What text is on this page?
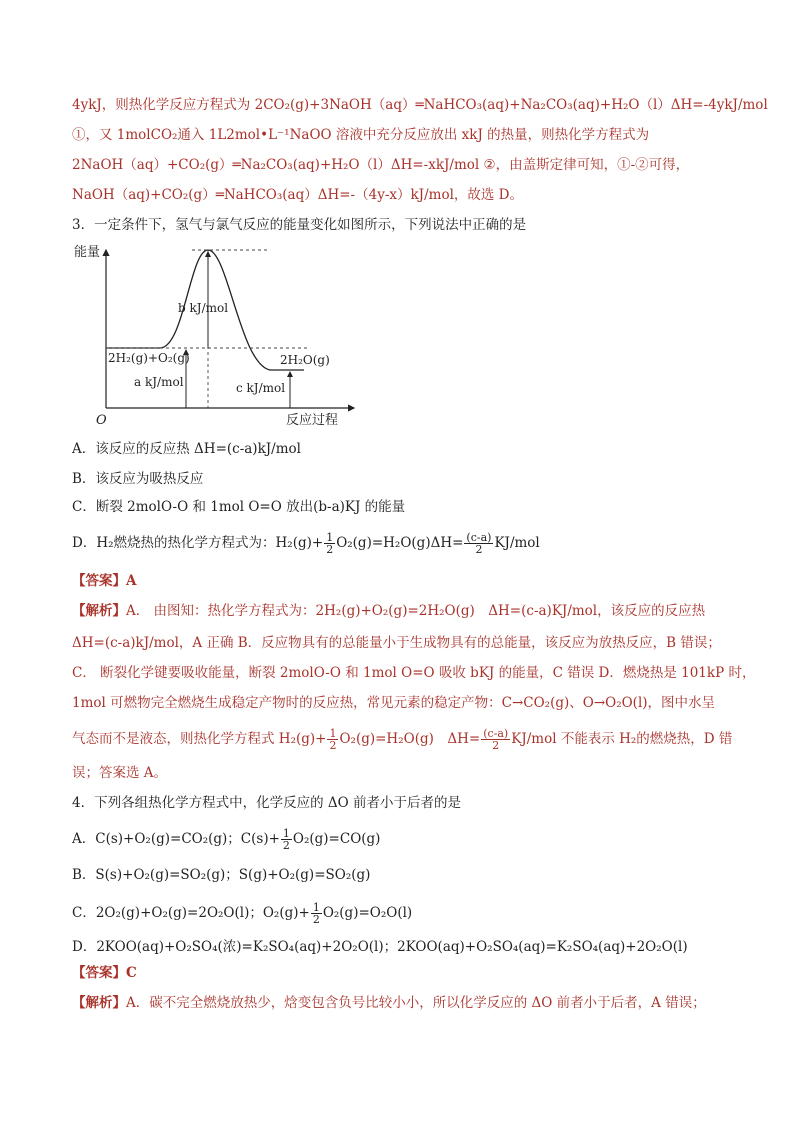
4ykJ，则热化学反应方程式为 2CO₂(g)+3NaOH（aq）═NaHCO₃(aq)+Na₂CO₃(aq)+H₂O（l）ΔH=-4ykJ/mol
①，又 1molCO₂通入 1L2mol•L⁻¹NaOO 溶液中充分反应放出 xkJ 的热量，则热化学方程式为
2NaOH（aq）+CO₂(g）═Na₂CO₃(aq)+H₂O（l）ΔH=-xkJ/mol ②，由盖斯定律可知，①-②可得，
NaOH（aq)+CO₂(g）═NaHCO₃(aq）ΔH=-（4y-x）kJ/mol，故选 D。
3．一定条件下，氢气与氯气反应的能量变化如图所示，下列说法中正确的是
能量
反应过程
O
b kJ/mol
2H₂(g)+O₂(g)
a kJ/mol
2H₂O(g)
c kJ/mol
A．该反应的反应热 ΔH=(c-a)kJ/mol
B．该反应为吸热反应
C．断裂 2molO-O 和 1mol O=O 放出(b-a)KJ 的能量
D．H₂燃烧热的热化学方程式为：$H_2(g)+ \frac{1}{2} O_2(g)=H_2O(g)\Delta H= \frac{(c-a)}{2} KJ/mol$
【答案】A
【解析】A． 由图知：热化学方程式为：2H₂(g)+O₂(g)=2H₂O(g)　ΔH=(c-a)KJ/mol，该反应的反应热
ΔH=(c-a)kJ/mol，A 正确 B．反应物具有的总能量小于生成物具有的总能量，该反应为放热反应，B 错误；
C． 断裂化学键要吸收能量，断裂 2molO-O 和 1mol O=O 吸收 bKJ 的能量，C 错误 D．燃烧热是 101kP 时，
1mol 可燃物完全燃烧生成稳定产物时的反应热，常见元素的稳定产物：C→CO₂(g)、O→O₂O(l)，图中水呈
气态而不是液态，则热化学方程式 $H_2(g)+ \frac{1}{2} O_2(g)=H_2O(g)$　$\Delta H= \frac{(c-a)}{2} KJ/mol$ 不能表示 H₂的燃烧热，D 错
误；答案选 A。
4．下列各组热化学方程式中，化学反应的 ΔO 前者小于后者的是
A．C(s)+O₂(g)=CO₂(g)；$C(s)+ \frac{1}{2} O_2(g)=CO(g)$
B．S(s)+O₂(g)=SO₂(g)；S(g)+O₂(g)=SO₂(g)
C．2O₂(g)+O₂(g)=2O₂O(l)；$O_2(g)+ \frac{1}{2} O_2(g)=O_2O(l)$
D．2KOO(aq)+O₂SO₄(浓)=K₂SO₄(aq)+2O₂O(l)；2KOO(aq)+O₂SO₄(aq)=K₂SO₄(aq)+2O₂O(l)
【答案】C
【解析】A．碳不完全燃烧放热少，焓变包含负号比较小小，所以化学反应的 ΔO 前者小于后者，A 错误；
